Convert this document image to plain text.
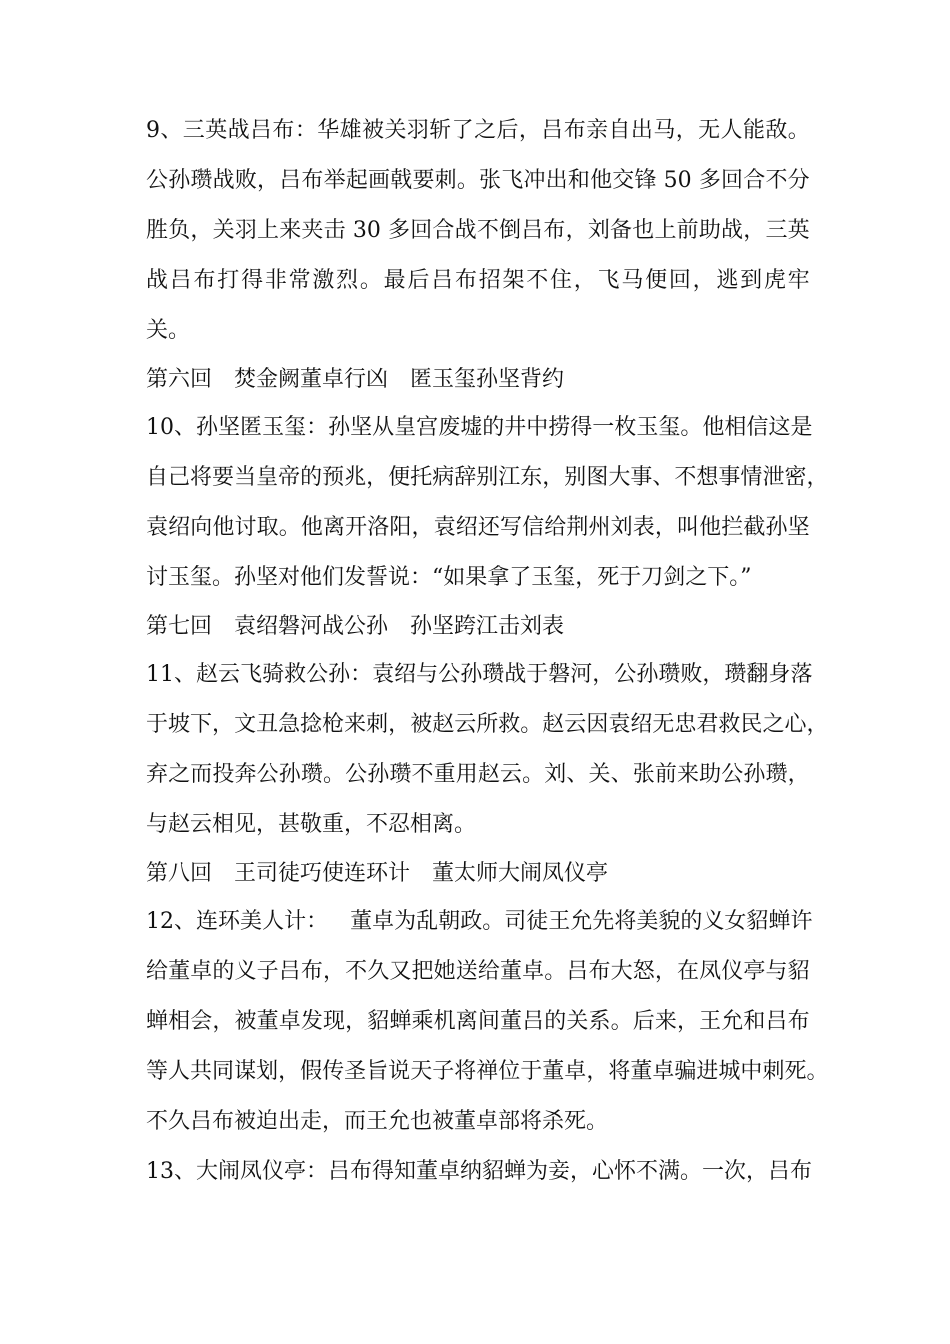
9 、 三 英 战 吕 布 ： 华 雄 被 关 羽 斩 了 之 后 ， 吕 布 亲 自 出 马 ， 无 人 能 敌 。
公 孙 瓒 战 败 ， 吕 布 举 起 画 戟 要 刺 。 张 飞 冲 出 和 他 交 锋 50 多 回 合 不 分
胜 负 ， 关 羽 上 来 夹 击 30 多 回 合 战 不 倒 吕 布 ， 刘 备 也 上 前 助 战 ， 三 英
战 吕 布 打 得 非 常 激 烈 。 最 后 吕 布 招 架 不 住 ， 飞 马 便 回 ， 逃 到 虎 牢
关。
第六回　焚金阙董卓行凶　匿玉玺孙坚背约
10 、 孙 坚 匿 玉 玺 ： 孙 坚 从 皇 宫 废 墟 的 井 中 捞 得 一 枚 玉 玺 。 他 相 信 这 是
自 己 将 要 当 皇 帝 的 预 兆 ， 便 托 病 辞 别 江 东 ， 别 图 大 事 、 不 想 事 情 泄 密 ，
袁 绍 向 他 讨 取 。 他 离 开 洛 阳 ， 袁 绍 还 写 信 给 荆 州 刘 表 ， 叫 他 拦 截 孙 坚
讨玉玺。孙坚对他们发誓说：“如果拿了玉玺，死于刀剑之下。”
第七回　袁绍磐河战公孙　孙坚跨江击刘表
11 、 赵 云 飞 骑 救 公 孙 ： 袁 绍 与 公 孙 瓒 战 于 磐 河 ， 公 孙 瓒 败 ， 瓒 翻 身 落
于 坡 下 ， 文 丑 急 捻 枪 来 刺 ， 被 赵 云 所 救 。 赵 云 因 袁 绍 无 忠 君 救 民 之 心 ，
弃 之 而 投 奔 公 孙 瓒 。 公 孙 瓒 不 重 用 赵 云 。 刘 、 关 、 张 前 来 助 公 孙 瓒 ，
与赵云相见，甚敬重，不忍相离。
第八回　王司徒巧使连环计　董太师大闹凤仪亭
12 、 连 环 美 人 计 ：
　 董 卓 为 乱 朝 政 。 司 徒 王 允 先 将 美 貌 的 义 女 貂 蝉 许
给 董 卓 的 义 子 吕 布 ， 不 久 又 把 她 送 给 董 卓 。 吕 布 大 怒 ， 在 凤 仪 亭 与 貂
蝉 相 会 ， 被 董 卓 发 现 ， 貂 蝉 乘 机 离 间 董 吕 的 关 系 。 后 来 ， 王 允 和 吕 布
等 人 共 同 谋 划 ， 假 传 圣 旨 说 天 子 将 禅 位 于 董 卓 ， 将 董 卓 骗 进 城 中 刺 死 。
不久吕布被迫出走，而王允也被董卓部将杀死。
13、大闹凤仪亭：吕布得知董卓纳貂蝉为妾，心怀不满。一次，吕布
